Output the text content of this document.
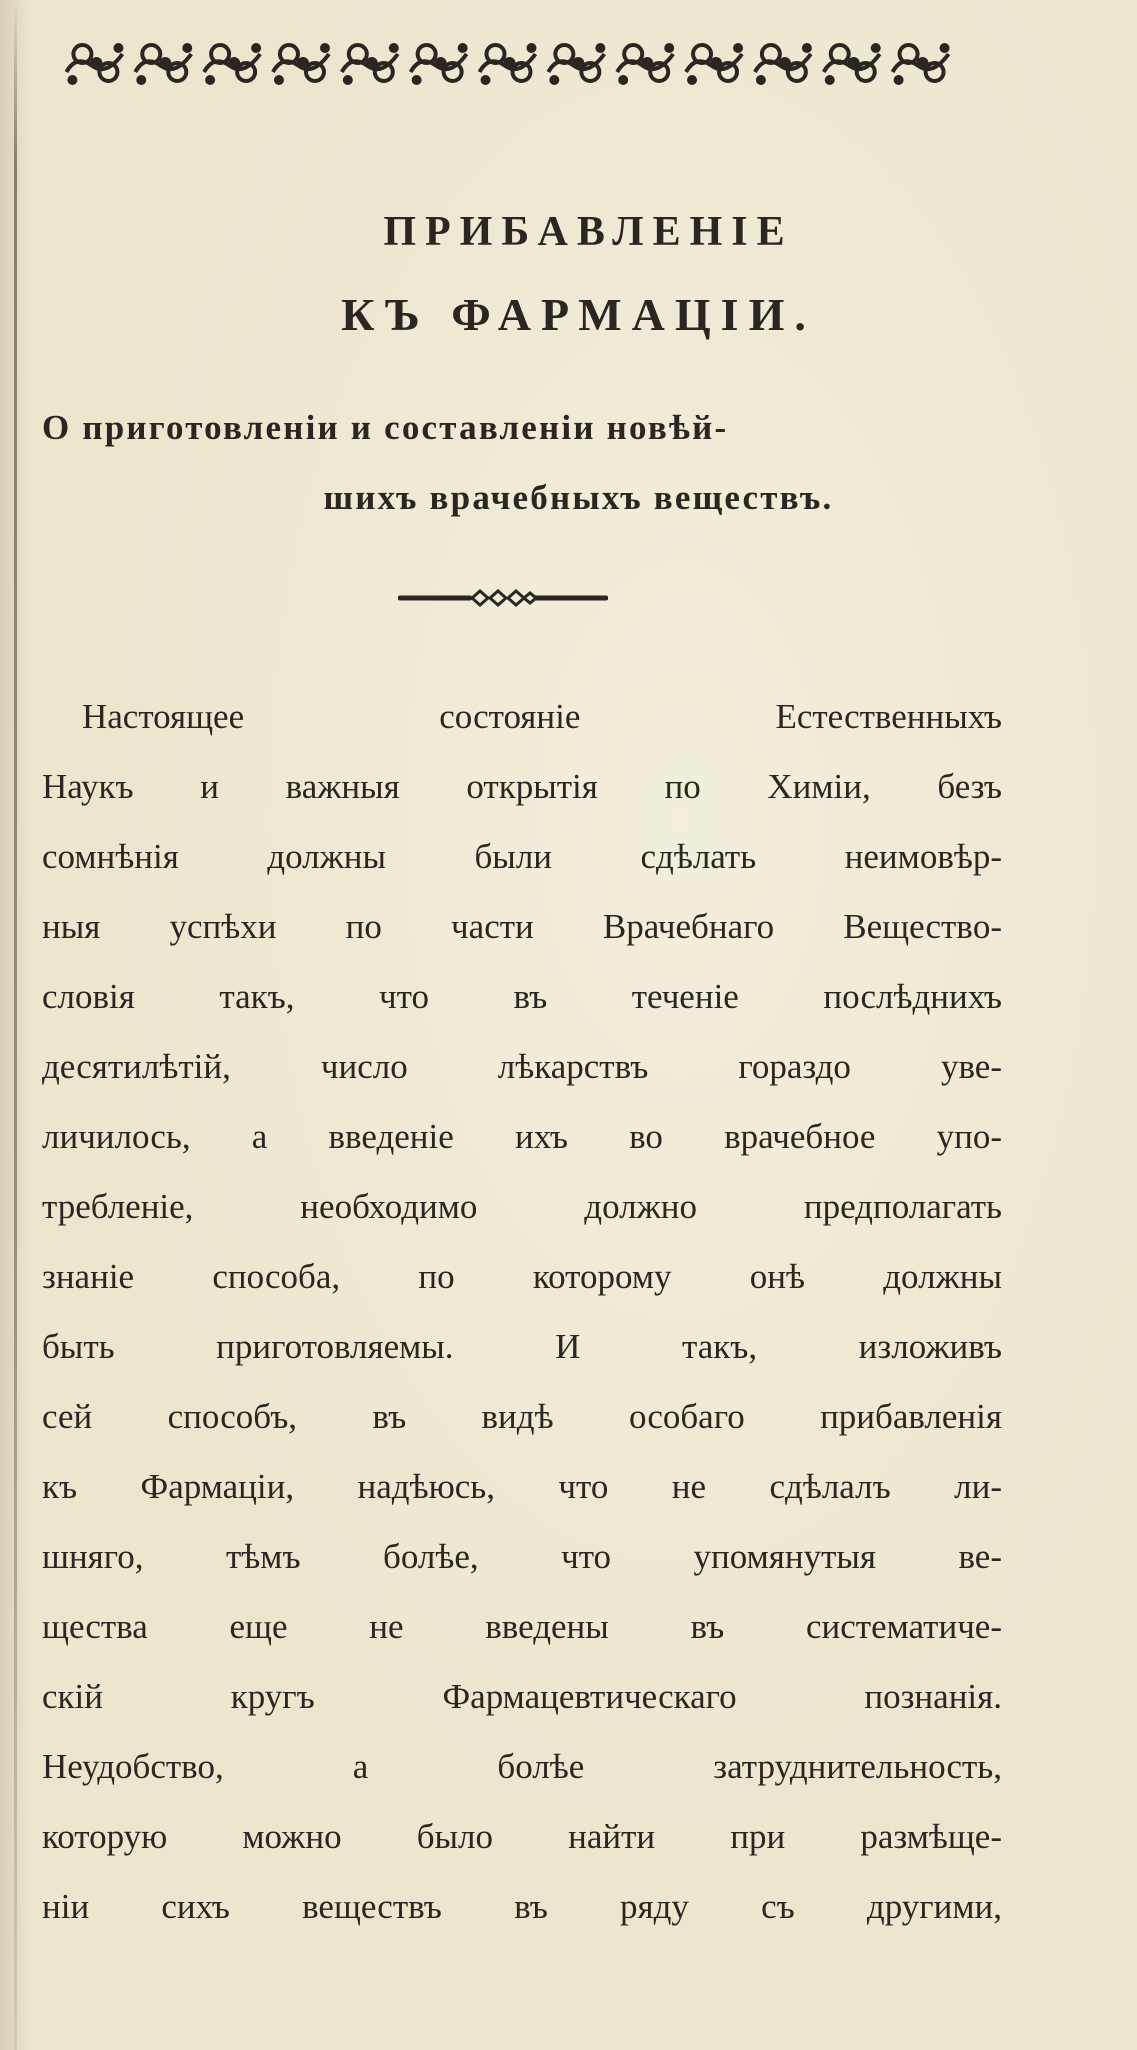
ПРИБАВЛЕНІЕ
КЪ ФАРМАЦІИ.
О приготовленіи и составленіи новѣй-
шихъ врачебныхъ веществъ.
Настоящее состояніе Естественныхъ
Наукъ и важныя открытія по Химіи, безъ
сомнѣнія должны были сдѣлать неимовѣр-
ныя успѣхи по части Врачебнаго Веществo-
словія такъ, что въ теченіе послѣднихъ
десятилѣтій, число лѣкарствъ гораздо уве-
личилось, а введеніе ихъ во врачебное упо-
требленіе, необходимо должно предполагать
знаніе способа, по которому онѣ должны
быть приготовляемы. И такъ, изложивъ
сей способъ, въ видѣ особаго прибавленія
къ Фармаціи, надѣюсь, что не сдѣлалъ ли-
шняго, тѣмъ болѣе, что упомянутыя ве-
щества еще не введены въ систематиче-
скій кругъ Фармацевтическаго познанія.
Неудобство, а болѣе затруднительность,
которую можно было найти при размѣще-
ніи сихъ веществъ въ ряду съ другими,
